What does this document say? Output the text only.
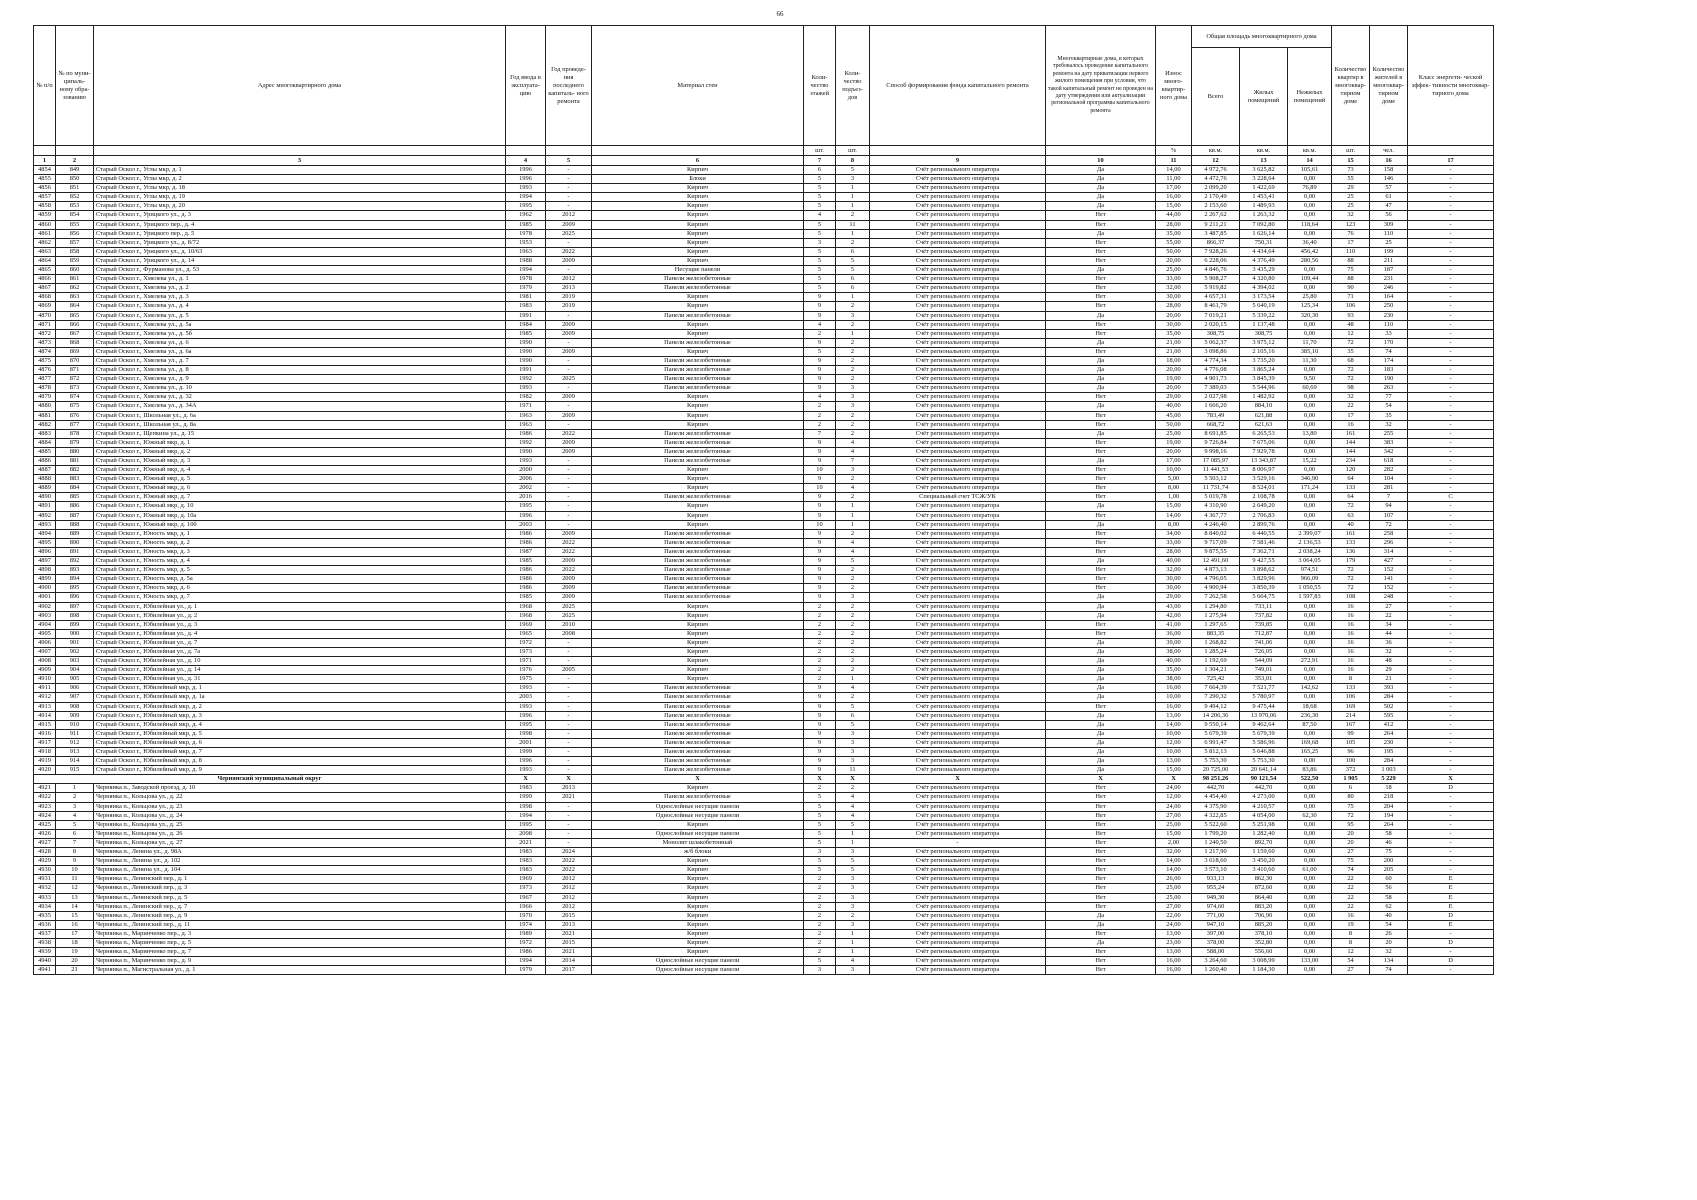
66
№ п/п	№ по муни- ципаль- ному обра- зованию	Адрес многоквартирного дома	Год ввода в эксплуата- цию	Год проведе- ния последнего капиталь- ного ремонта	Материал стен	Коли- чество этажей	Коли- чество подъез- дов	Способ формирования фонда капитального ремонта	Многоквартирные дома, в которых требовалось проведение капитального ремонта на дату приватизации первого жилого помещения при условии, что такой капитальный ремонт не проведен на дату утверждения или актуализации региональной программы капитального ремонта	Износ много- квартир- ного дома	Общая площадь многоквартирного дома			Количество квартир в многоквар- тирном доме	Количество жителей в многоквар- тирном доме	Класс энергети- ческой эффек- тивности многоквар- тирного дома
											Всего	Жилых помещений	Нежилых помещений			
						шт.	шт.			%	кв.м.	кв.м.	кв.м.	шт.	чел.	
1	2	3	4	5	6	7	8	9	10	11	12	13	14	15	16	17
4854	849	Старый Оскол г., Углы мкр, д. 1	1996	-	Кирпич	6	5	Счёт регионального оператора	Да	14,00	4 972,76	3 625,82	105,61	73	158	-
4855	850	Старый Оскол г., Углы мкр, д. 2	1996	-	Блоки	5	3	Счёт регионального оператора	Да	11,00	4 472,76	3 228,64	0,00	55	146	-
4856	851	Старый Оскол г., Углы мкр, д. 18	1993	-	Кирпич	5	1	Счёт регионального оператора	Да	17,00	2 099,20	1 422,69	76,89	29	57	-
4857	852	Старый Оскол г., Углы мкр, д. 19	1994	-	Кирпич	5	1	Счёт регионального оператора	Да	16,00	2 170,49	1 453,41	0,00	25	61	-
4858	853	Старый Оскол г., Углы мкр, д. 20	1995	-	Кирпич	5	1	Счёт регионального оператора	Да	15,00	2 153,60	1 489,93	0,00	25	47	-
4859	854	Старый Оскол г., Урицкого ул., д. 3	1962	2012	Кирпич	4	2	Счёт регионального оператора	Нет	44,00	2 267,62	1 263,32	0,00	32	56	-
4860	855	Старый Оскол г., Урицкого пер., д. 4	1985	2009	Кирпич	5	11	Счёт регионального оператора	Нет	28,00	9 211,21	7 092,80	118,64	123	309	-
4861	856	Старый Оскол г., Урицкого пер., д. 5	1978	2025	Кирпич	5	1	Счёт регионального оператора	Да	35,00	3 487,85	1 626,14	0,00	76	110	-
4862	857	Старый Оскол г., Урицкого ул., д. 8/72	1953	-	Кирпич	3	2	Счёт регионального оператора	Нет	55,00	866,37	750,31	36,40	17	25	-
4863	858	Старый Оскол г., Урицкого ул., д. 10/63	1963	2022	Кирпич	5	6	Счёт регионального оператора	Нет	50,00	7 928,26	4 434,64	456,42	110	199	-
4864	859	Старый Оскол г., Урицкого ул., д. 14	1988	2009	Кирпич	5	5	Счёт регионального оператора	Нет	20,00	6 228,06	4 376,49	280,56	88	211	-
4865	860	Старый Оскол г., Фурманова ул., д. 53	1994	-	Несущие панели	5	5	Счёт регионального оператора	Да	25,00	4 846,76	3 435,29	0,00	75	187	-
4866	861	Старый Оскол г., Хмелева ул., д. 1	1978	2012	Панели железобетонные	5	6	Счёт регионального оператора	Нет	33,00	5 908,27	4 320,80	109,44	88	231	-
4867	862	Старый Оскол г., Хмелева ул., д. 2	1979	2013	Панели железобетонные	5	6	Счёт регионального оператора	Нет	32,00	5 919,82	4 394,02	0,00	90	246	-
4868	863	Старый Оскол г., Хмелева ул., д. 3	1981	2019	Кирпич	9	1	Счёт регионального оператора	Нет	30,00	4 657,31	3 173,54	25,80	71	164	-
4869	864	Старый Оскол г., Хмелева ул., д. 4	1983	2019	Кирпич	9	2	Счёт регионального оператора	Нет	28,00	8 461,79	5 640,19	125,34	106	250	-
4870	865	Старый Оскол г., Хмелева ул., д. 5	1991	-	Панели железобетонные	9	3	Счёт регионального оператора	Да	20,00	7 019,21	5 339,22	320,30	93	230	-
4871	866	Старый Оскол г., Хмелева ул., д. 5а	1984	2009	Кирпич	4	2	Счёт регионального оператора	Нет	30,00	2 020,15	1 137,48	0,00	48	110	-
4872	867	Старый Оскол г., Хмелева ул., д. 5б	1985	2009	Кирпич	2	1	Счёт регионального оператора	Нет	35,00	308,75	308,75	0,00	12	33	-
4873	868	Старый Оскол г., Хмелева ул., д. 6	1990	-	Панели железобетонные	9	2	Счёт регионального оператора	Да	21,00	5 062,37	3 975,12	11,70	72	170	-
4874	869	Старый Оскол г., Хмелева ул., д. 6а	1990	2009	Кирпич	5	2	Счёт регионального оператора	Нет	21,00	3 098,86	2 105,16	385,10	35	74	-
4875	870	Старый Оскол г., Хмелева ул., д. 7	1990	-	Панели железобетонные	9	2	Счёт регионального оператора	Да	18,00	4 774,34	3 735,20	11,30	68	174	-
4876	871	Старый Оскол г., Хмелева ул., д. 8	1991	-	Панели железобетонные	9	2	Счёт регионального оператора	Да	20,00	4 776,08	3 865,24	0,00	72	183	-
4877	872	Старый Оскол г., Хмелева ул., д. 9	1992	2025	Панели железобетонные	9	2	Счёт регионального оператора	Да	19,00	4 901,73	3 845,39	9,50	72	190	-
4878	873	Старый Оскол г., Хмелева ул., д. 10	1993	-	Панели железобетонные	9	3	Счёт регионального оператора	Да	20,00	7 389,03	5 544,96	60,69	98	263	-
4879	874	Старый Оскол г., Хмелева ул., д. 32	1982	2009	Кирпич	4	3	Счёт регионального оператора	Нет	29,00	2 027,98	1 482,92	0,00	32	77	-
4880	875	Старый Оскол г., Хмелева ул., д. 34А	1971	-	Кирпич	2	3	Счёт регионального оператора	Да	40,00	1 666,20	884,10	0,00	22	54	-
4881	876	Старый Оскол г., Школьная ул., д. 6а	1963	2009	Кирпич	2	2	Счёт регионального оператора	Нет	45,00	783,49	621,88	0,00	17	35	-
4882	877	Старый Оскол г., Школьная ул., д. 8а	1963	-	Кирпич	2	2	Счёт регионального оператора	Нет	50,00	668,72	621,63	0,00	16	32	-
4883	878	Старый Оскол г., Щепкина ул., д. 15	1986	2022	Панели железобетонные	7	2	Счёт регионального оператора	Да	25,00	8 691,85	6 265,53	13,80	161	255	-
4884	879	Старый Оскол г., Южный мкр, д. 1	1992	2009	Панели железобетонные	9	4	Счёт регионального оператора	Нет	19,00	9 726,84	7 675,06	0,00	144	383	-
4885	880	Старый Оскол г., Южный мкр, д. 2	1990	2009	Панели железобетонные	9	4	Счёт регионального оператора	Нет	20,00	9 998,16	7 929,78	0,00	144	342	-
4886	881	Старый Оскол г., Южный мкр, д. 3	1993	-	Панели железобетонные	9	7	Счёт регионального оператора	Да	17,00	17 085,97	13 343,87	15,22	234	618	-
4887	882	Старый Оскол г., Южный мкр, д. 4	2000	-	Кирпич	10	3	Счёт регионального оператора	Нет	10,00	11 441,53	8 006,97	0,00	120	282	-
4888	883	Старый Оскол г., Южный мкр, д. 5	2006	-	Кирпич	9	2	Счёт регионального оператора	Нет	5,00	5 503,12	3 529,16	346,90	64	104	-
4889	884	Старый Оскол г., Южный мкр, д. 6	2002	-	Кирпич	10	4	Счёт регионального оператора	Нет	8,00	11 731,74	8 524,01	171,24	133	281	-
4890	885	Старый Оскол г., Южный мкр, д. 7	2016	-	Панели железобетонные	9	2	Специальный счет ТСЖ/УК	Нет	1,00	5 019,78	2 108,78	0,00	64	7	C
4891	886	Старый Оскол г., Южный мкр, д. 10	1995	-	Кирпич	9	1	Счёт регионального оператора	Да	15,00	4 310,90	2 649,20	0,00	72	94	-
4892	887	Старый Оскол г., Южный мкр, д. 10а	1996	-	Кирпич	9	1	Счёт регионального оператора	Нет	14,00	4 367,77	2 706,83	0,00	63	107	-
4893	888	Старый Оскол г., Южный мкр, д. 10б	2003	-	Кирпич	10	1	Счёт регионального оператора	Да	8,00	4 246,40	2 899,76	0,00	40	72	-
4894	889	Старый Оскол г., Юность мкр, д. 1	1986	2009	Панели железобетонные	9	2	Счёт регионального оператора	Нет	34,00	8 840,02	6 440,55	2 399,07	161	258	-
4895	890	Старый Оскол г., Юность мкр, д. 2	1986	2022	Панели железобетонные	9	4	Счёт регионального оператора	Нет	33,00	9 717,09	7 581,46	2 136,53	133	296	-
4896	891	Старый Оскол г., Юность мкр, д. 3	1987	2022	Панели железобетонные	9	4	Счёт регионального оператора	Нет	28,00	9 875,55	7 362,71	2 038,24	136	314	-
4897	892	Старый Оскол г., Юность мкр, д. 4	1985	2009	Панели железобетонные	9	5	Счёт регионального оператора	Да	40,00	12 491,60	9 427,55	3 064,05	179	427	-
4898	893	Старый Оскол г., Юность мкр, д. 5	1986	2022	Панели железобетонные	9	2	Счёт регионального оператора	Нет	32,00	4 873,13	3 898,62	974,51	72	152	-
4899	894	Старый Оскол г., Юность мкр, д. 5а	1986	2009	Панели железобетонные	9	2	Счёт регионального оператора	Нет	30,00	4 796,05	3 829,96	966,09	72	141	-
4900	895	Старый Оскол г., Юность мкр, д. 6	1986	2009	Панели железобетонные	9	2	Счёт регионального оператора	Нет	30,00	4 900,94	3 850,39	1 050,55	72	152	-
4901	896	Старый Оскол г., Юность мкр, д. 7	1985	2009	Панели железобетонные	9	3	Счёт регионального оператора	Да	29,00	7 262,58	5 664,75	1 597,83	108	248	-
4902	897	Старый Оскол г., Юбилейная ул., д. 1	1968	2025	Кирпич	2	2	Счёт регионального оператора	Да	43,00	1 294,80	733,11	0,00	16	27	-
4903	898	Старый Оскол г., Юбилейная ул., д. 2	1968	2025	Кирпич	2	2	Счёт регионального оператора	Да	42,00	1 275,94	737,82	0,00	16	22	-
4904	899	Старый Оскол г., Юбилейная ул., д. 3	1969	2010	Кирпич	2	2	Счёт регионального оператора	Нет	41,00	1 297,65	739,85	0,00	16	34	-
4905	900	Старый Оскол г., Юбилейная ул., д. 4	1965	2008	Кирпич	2	2	Счёт регионального оператора	Нет	36,00	883,35	712,87	0,00	16	44	-
4906	901	Старый Оскол г., Юбилейная ул., д. 7	1972	-	Кирпич	2	2	Счёт регионального оператора	Да	39,00	1 268,82	741,06	0,00	16	36	-
4907	902	Старый Оскол г., Юбилейная ул., д. 7а	1973	-	Кирпич	2	2	Счёт регионального оператора	Да	38,00	1 285,24	726,05	0,00	16	32	-
4908	903	Старый Оскол г., Юбилейная ул., д. 10	1971	-	Кирпич	2	2	Счёт регионального оператора	Да	40,00	1 192,69	544,09	272,91	16	48	-
4909	904	Старый Оскол г., Юбилейная ул., д. 14	1976	2005	Кирпич	2	2	Счёт регионального оператора	Да	35,00	1 304,21	749,01	0,00	16	29	-
4910	905	Старый Оскол г., Юбилейная ул., д. 31	1975	-	Кирпич	2	1	Счёт регионального оператора	Да	38,00	725,42	353,01	0,00	8	21	-
4911	906	Старый Оскол г., Юбилейный мкр, д. 1	1993	-	Панели железобетонные	9	4	Счёт регионального оператора	Да	16,00	7 664,39	7 521,77	142,62	133	393	-
4912	907	Старый Оскол г., Юбилейный мкр, д. 1а	2003	-	Панели железобетонные	9	2	Счёт регионального оператора	Да	10,00	7 290,32	5 780,97	0,00	106	284	-
4913	908	Старый Оскол г., Юбилейный мкр, д. 2	1993	-	Панели железобетонные	9	5	Счёт регионального оператора	Нет	16,00	9 494,12	9 475,44	18,68	169	502	-
4914	909	Старый Оскол г., Юбилейный мкр, д. 3	1996	-	Панели железобетонные	9	6	Счёт регионального оператора	Да	13,00	14 206,36	13 970,06	236,30	214	595	-
4915	910	Старый Оскол г., Юбилейный мкр, д. 4	1995	-	Панели железобетонные	9	5	Счёт регионального оператора	Да	14,00	9 550,14	9 462,64	87,50	167	412	-
4916	911	Старый Оскол г., Юбилейный мкр, д. 5	1998	-	Панели железобетонные	9	3	Счёт регионального оператора	Да	10,00	5 679,39	5 679,39	0,00	99	264	-
4917	912	Старый Оскол г., Юбилейный мкр, д. 6	2001	-	Панели железобетонные	9	3	Счёт регионального оператора	Да	12,00	6 991,47	5 586,96	169,68	105	230	-
4918	913	Старый Оскол г., Юбилейный мкр, д. 7	1999	-	Панели железобетонные	9	3	Счёт регионального оператора	Да	10,00	5 812,13	5 646,88	165,25	96	195	-
4919	914	Старый Оскол г., Юбилейный мкр, д. 8	1996	-	Панели железобетонные	9	3	Счёт регионального оператора	Да	13,00	5 753,30	5 753,30	0,00	100	284	-
4920	915	Старый Оскол г., Юбилейный мкр, д. 9	1993	-	Панели железобетонные	9	11	Счёт регионального оператора	Да	15,00	20 725,00	20 641,14	83,86	372	1 003	-
Чернянский муниципальный округ			X	X	X	X	X	X	X	X	98 251,26	90 121,54	522,50	1 905	5 229	X
4921	1	Чернянка п., Заводской проезд, д. 10	1983	2013	Кирпич	2	2	Счёт регионального оператора	Нет	24,00	442,70	442,70	0,00	6	18	D
4922	2	Чернянка п., Кольцова ул., д. 22	1999	2021	Панели железобетонные	5	4	Счёт регионального оператора	Нет	12,00	4 454,40	4 273,00	0,00	80	218	-
4923	3	Чернянка п., Кольцова ул., д. 23	1998	-	Однослойные несущие панели	5	4	Счёт регионального оператора	Нет	24,00	4 375,90	4 210,57	0,00	75	204	-
4924	4	Чернянка п., Кольцова ул., д. 24	1994	-	Однослойные несущие панели	5	4	Счёт регионального оператора	Нет	27,00	4 322,85	4 054,00	62,30	72	194	-
4925	5	Чернянка п., Кольцова ул., д. 25	1995	-	Кирпич	5	5	Счёт регионального оператора	Нет	25,00	5 522,60	5 251,98	0,00	95	264	-
4926	6	Чернянка п., Кольцова ул., д. 26	2008	-	Однослойные несущие панели	5	1	Счёт регионального оператора	Нет	15,00	1 799,20	1 282,40	0,00	20	58	-
4927	7	Чернянка п., Кольцова ул., д. 27	2021	-	Монолит шлакобетонный	5	1	-	Нет	2,00	1 240,50	892,70	0,00	20	46	-
4928	8	Чернянка п., Ленина ул., д. 98А	1983	2024	ж/б блоки	3	3	Счёт регионального оператора	Нет	32,00	1 217,90	1 159,60	0,00	27	75	-
4929	9	Чернянка п., Ленина ул., д. 102	1983	2022	Кирпич	5	5	Счёт регионального оператора	Нет	14,00	3 618,60	3 450,20	0,00	75	200	-
4930	10	Чернянка п., Ленина ул., д. 104	1983	2022	Кирпич	5	5	Счёт регионального оператора	Нет	14,00	3 573,10	3 410,60	61,00	74	205	-
4931	11	Чернянка п., Ленинский пер., д. 1	1969	2012	Кирпич	2	3	Счёт регионального оператора	Нет	26,00	933,13	862,30	0,00	22	60	E
4932	12	Чернянка п., Ленинский пер., д. 3	1973	2012	Кирпич	2	3	Счёт регионального оператора	Нет	25,00	955,24	872,60	0,00	22	56	E
4933	13	Чернянка п., Ленинский пер., д. 5	1967	2012	Кирпич	2	3	Счёт регионального оператора	Нет	25,00	949,30	864,40	0,00	22	58	E
4934	14	Чернянка п., Ленинский пер., д. 7	1966	2012	Кирпич	2	3	Счёт регионального оператора	Нет	27,00	974,60	883,20	0,00	22	62	E
4935	15	Чернянка п., Ленинский пер., д. 9	1970	2015	Кирпич	2	2	Счёт регионального оператора	Да	22,00	771,00	706,90	0,00	16	40	D
4936	16	Чернянка п., Ленинский пер., д. 11	1974	2013	Кирпич	2	3	Счёт регионального оператора	Да	24,00	947,10	885,20	0,00	19	54	E
4937	17	Чернянка п., Маринченко пер., д. 3	1989	2021	Кирпич	2	1	Счёт регионального оператора	Нет	13,00	397,00	378,10	0,00	8	26	-
4938	18	Чернянка п., Маринченко пер., д. 5	1972	2015	Кирпич	2	1	Счёт регионального оператора	Да	23,00	378,00	352,80	0,00	8	20	D
4939	19	Чернянка п., Маринченко пер., д. 7	1986	2021	Кирпич	2	1	Счёт регионального оператора	Нет	13,00	588,00	556,60	0,00	12	32	-
4940	20	Чернянка п., Маринченко пер., д. 9	1994	2014	Однослойные несущие панели	5	4	Счёт регионального оператора	Нет	16,00	3 264,60	3 008,99	133,00	54	134	D
4941	21	Чернянка п., Магистральная ул., д. 1	1979	2017	Однослойные несущие панели	3	3	Счёт регионального оператора	Нет	16,00	1 260,40	1 184,30	0,00	27	74	-
